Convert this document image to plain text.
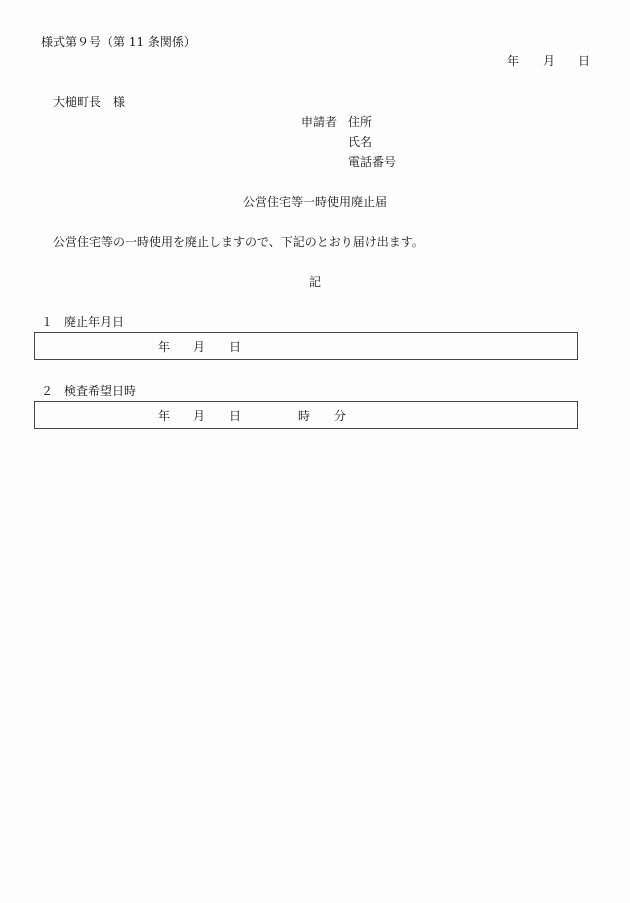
様式第９号（第 11 条関係）
年 月 日
大槌町長　様
申請者 住所
氏名
電話番号
公営住宅等一時使用廃止届
公営住宅等の一時使用を廃止しますので、下記のとおり届け出ます。
記
１ 廃止年月日
年 月 日
２ 検査希望日時
年 月 日	時 分
